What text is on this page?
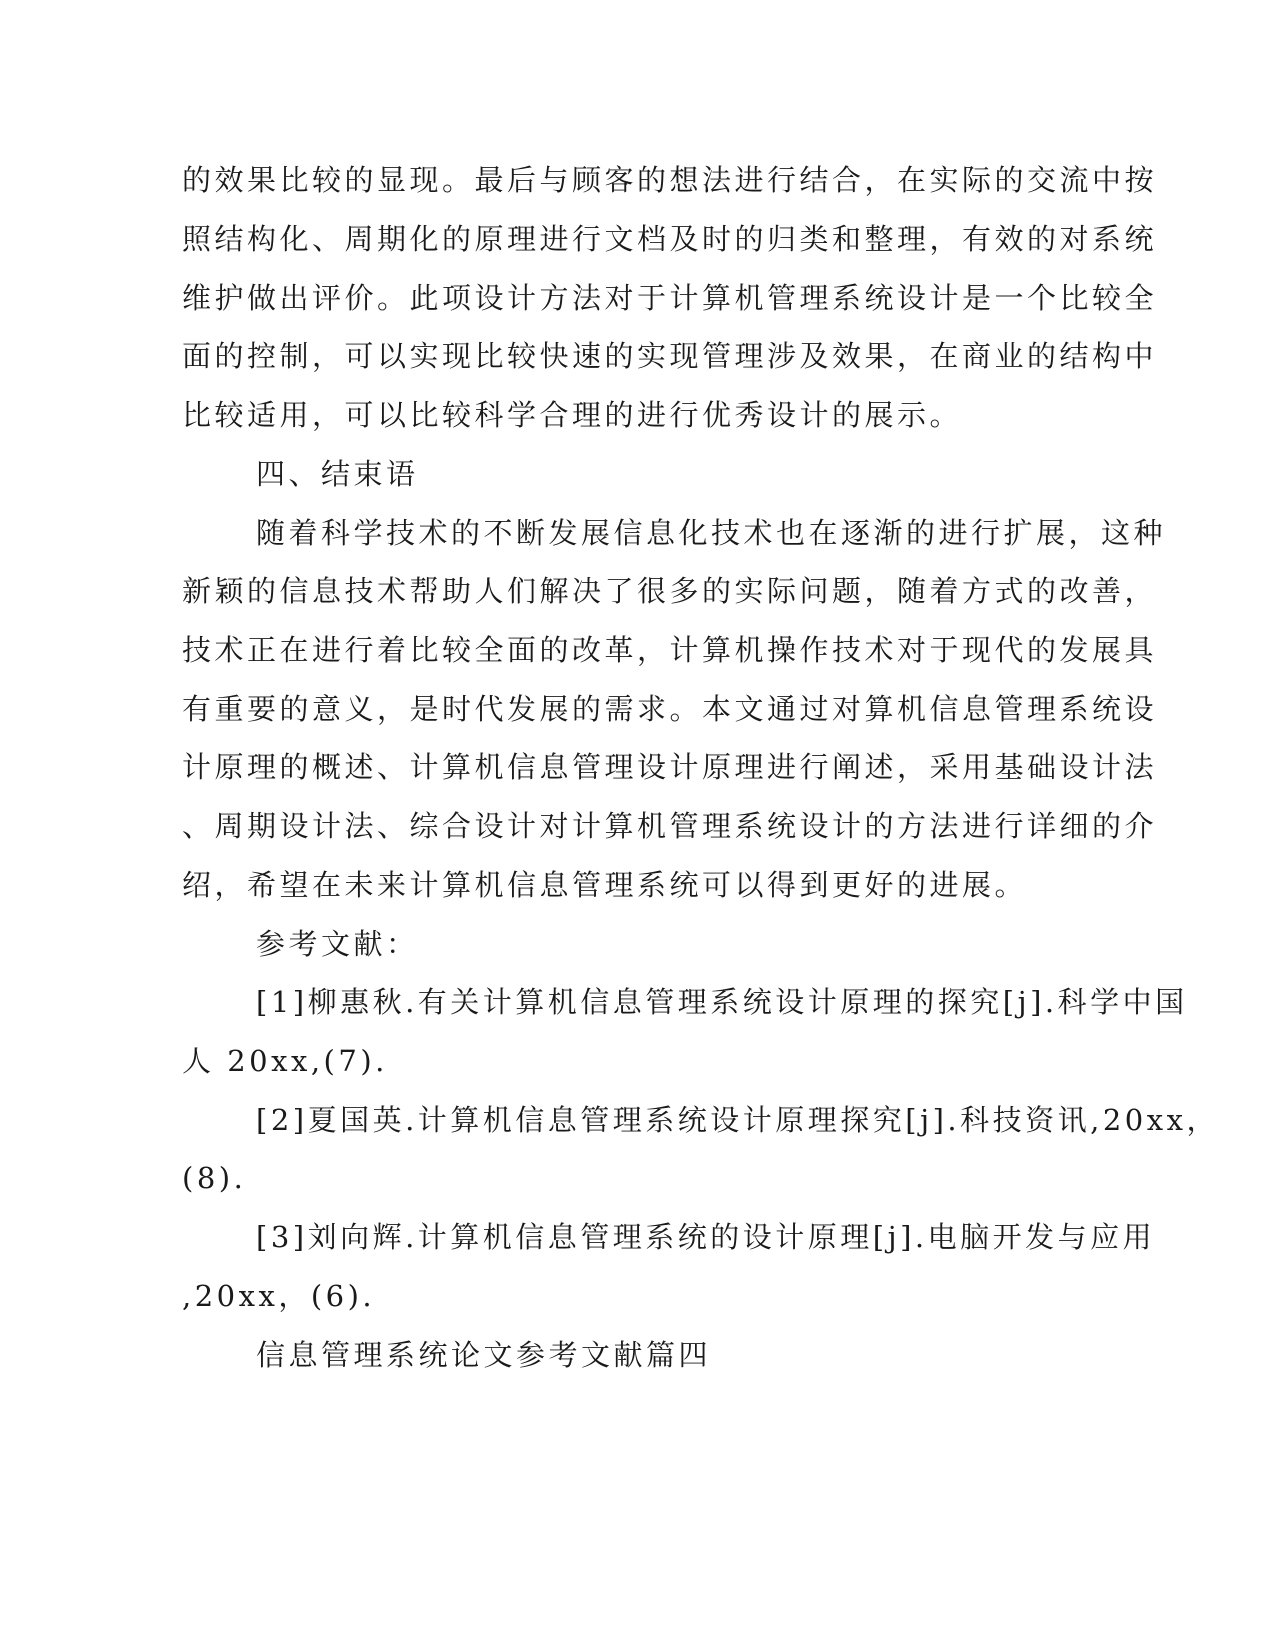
的效果比较的显现。最后与顾客的想法进行结合，在实际的交流中按
照结构化、周期化的原理进行文档及时的归类和整理，有效的对系统
维护做出评价。此项设计方法对于计算机管理系统设计是一个比较全
面的控制，可以实现比较快速的实现管理涉及效果，在商业的结构中
比较适用，可以比较科学合理的进行优秀设计的展示。
四、结束语
随着科学技术的不断发展信息化技术也在逐渐的进行扩展，这种
新颖的信息技术帮助人们解决了很多的实际问题，随着方式的改善，
技术正在进行着比较全面的改革，计算机操作技术对于现代的发展具
有重要的意义，是时代发展的需求。本文通过对算机信息管理系统设
计原理的概述、计算机信息管理设计原理进行阐述，采用基础设计法
、周期设计法、综合设计对计算机管理系统设计的方法进行详细的介
绍，希望在未来计算机信息管理系统可以得到更好的进展。
参考文献：
[1]柳惠秋.有关计算机信息管理系统设计原理的探究[j].科学中国
人 20xx,(7).
[2]夏国英.计算机信息管理系统设计原理探究[j].科技资讯,20xx，
(8).
[3]刘向辉.计算机信息管理系统的设计原理[j].电脑开发与应用
,20xx，(6).
信息管理系统论文参考文献篇四
